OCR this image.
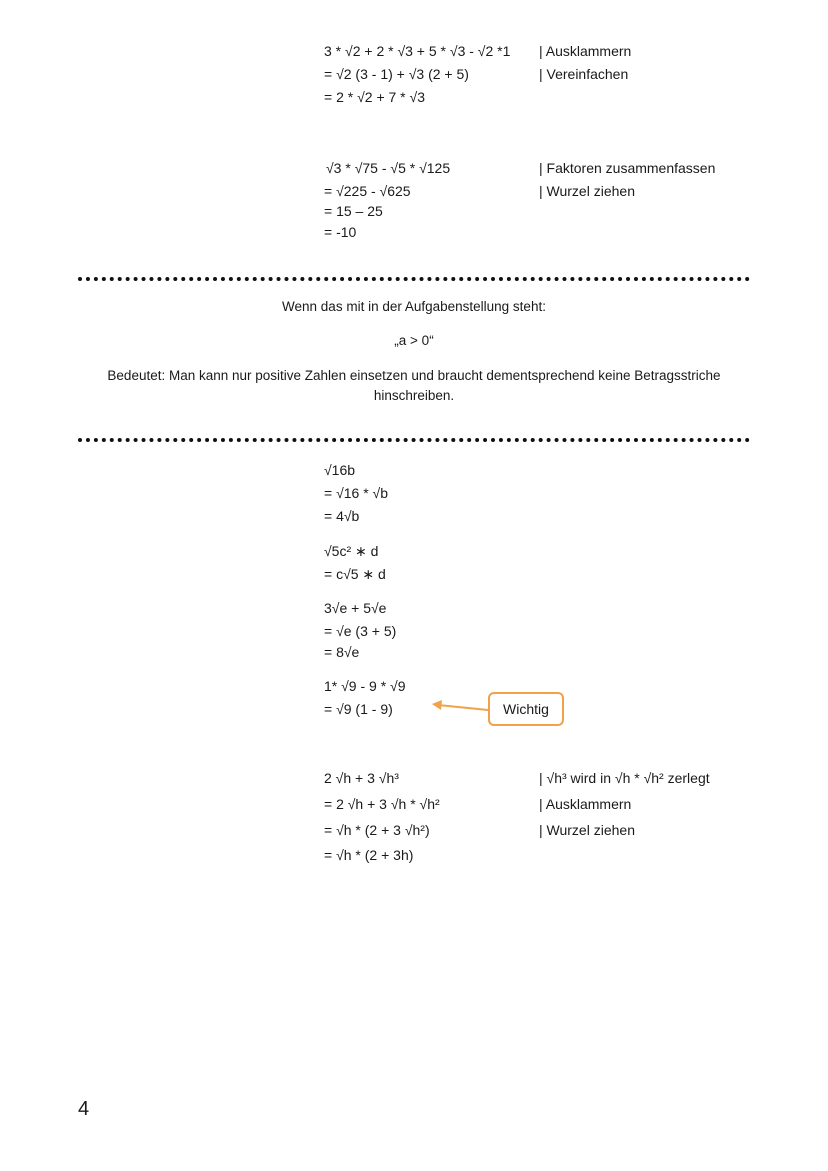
3 * √2 + 2 * √3 + 5 * √3 - √2 *1
= √2 (3 - 1) + √3 (2 + 5)
= 2 * √2 + 7 * √3
| Ausklammern
| Vereinfachen
√3 * √75 - √5 * √125
= √225 - √625
= 15 – 25
= -10
| Faktoren zusammenfassen
| Wurzel ziehen
Wenn das mit in der Aufgabenstellung steht:
„a > 0“
Bedeutet: Man kann nur positive Zahlen einsetzen und braucht dementsprechend keine Betragsstriche
hinschreiben.
√16b
= √16 * √b
= 4√b
√5c² ∗ d
= c√5 ∗ d
3√e + 5√e
= √e (3 + 5)
= 8√e
1* √9 - 9 * √9
= √9 (1 - 9)	Wichtig
2 √h + 3 √h³
= 2 √h + 3 √h * √h²
= √h * (2 + 3 √h²)
= √h * (2 + 3h)
| √h³ wird in √h * √h² zerlegt
| Ausklammern
| Wurzel ziehen
4
